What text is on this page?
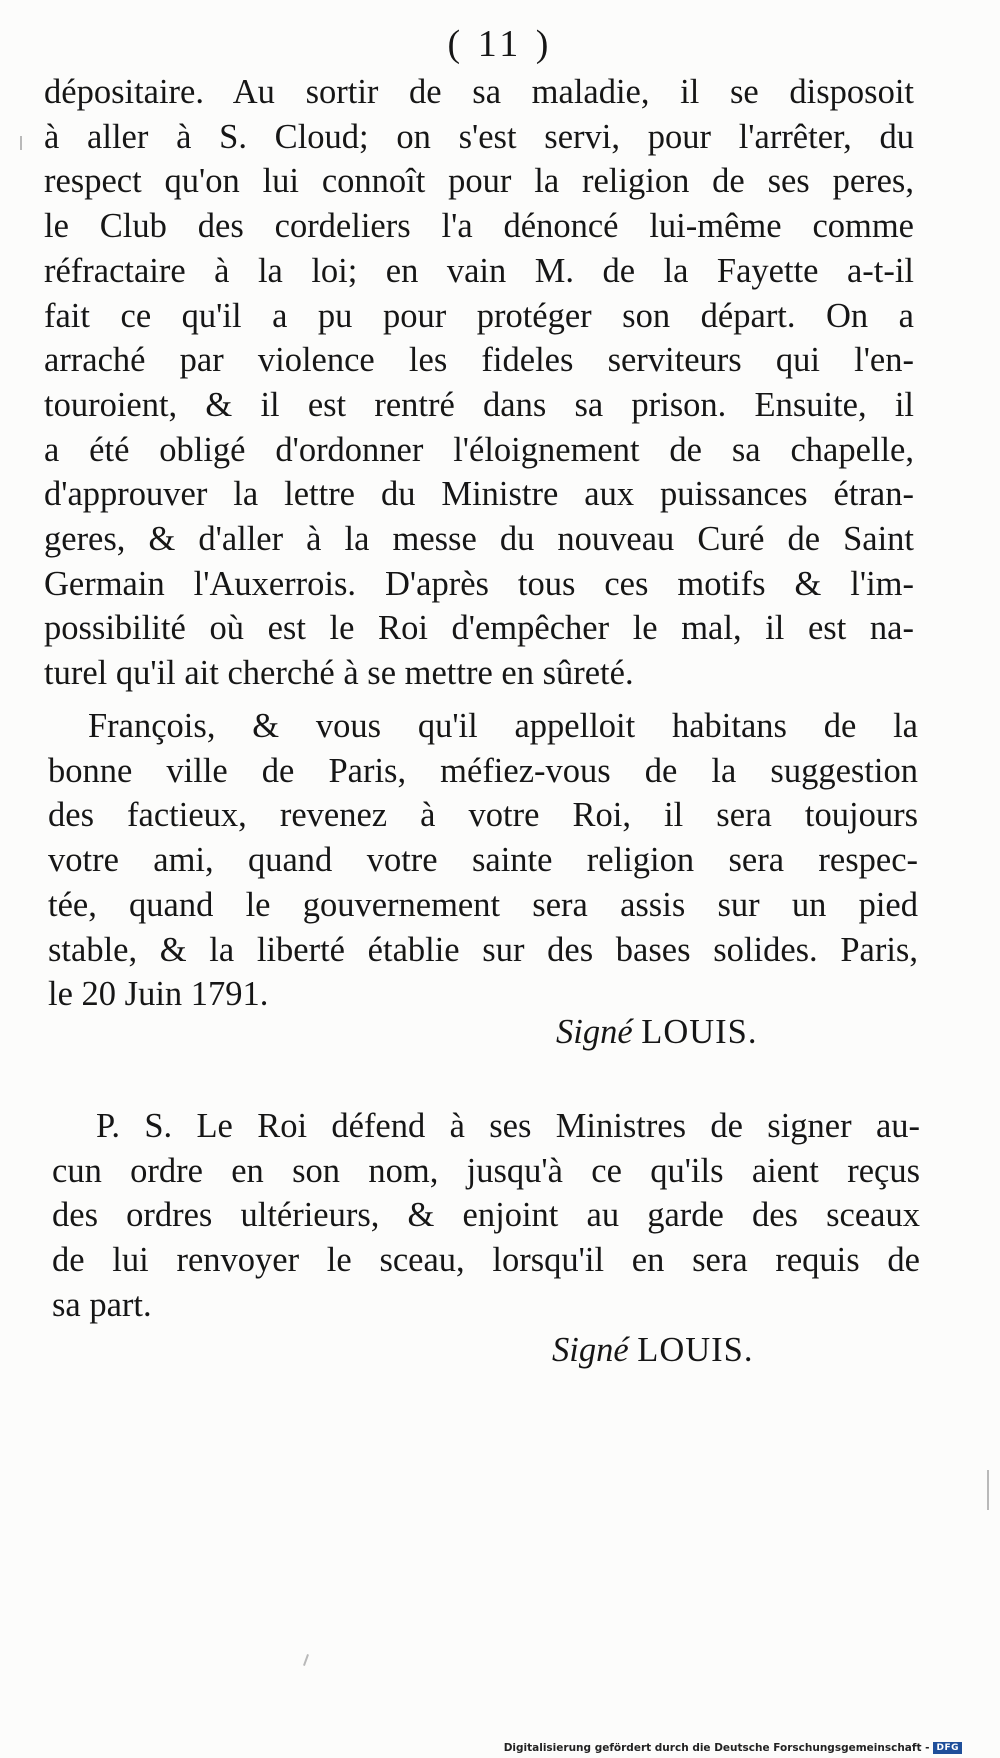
( 11 )
dépositaire. Au sortir de sa maladie, il se disposoit
à aller à S. Cloud; on s'est servi, pour l'arrêter, du
respect qu'on lui connoît pour la religion de ses peres,
le Club des cordeliers l'a dénoncé lui-même comme
réfractaire à la loi; en vain M. de la Fayette a-t-il
fait ce qu'il a pu pour protéger son départ. On a
arraché par violence les fideles serviteurs qui l'en-
touroient, & il est rentré dans sa prison. Ensuite, il
a été obligé d'ordonner l'éloignement de sa chapelle,
d'approuver la lettre du Ministre aux puissances étran-
geres, & d'aller à la messe du nouveau Curé de Saint
Germain l'Auxerrois. D'après tous ces motifs & l'im-
possibilité où est le Roi d'empêcher le mal, il est na-
turel qu'il ait cherché à se mettre en sûreté.
François, & vous qu'il appelloit habitans de la
bonne ville de Paris, méfiez-vous de la suggestion
des factieux, revenez à votre Roi, il sera toujours
votre ami, quand votre sainte religion sera respec-
tée, quand le gouvernement sera assis sur un pied
stable, & la liberté établie sur des bases solides. Paris,
le 20 Juin 1791.
Signé LOUIS.
P. S. Le Roi défend à ses Ministres de signer au-
cun ordre en son nom, jusqu'à ce qu'ils aient reçus
des ordres ultérieurs, & enjoint au garde des sceaux
de lui renvoyer le sceau, lorsqu'il en sera requis de
sa part.
Signé LOUIS.
Digitalisierung gefördert durch die Deutsche Forschungsgemeinschaft - DFG
